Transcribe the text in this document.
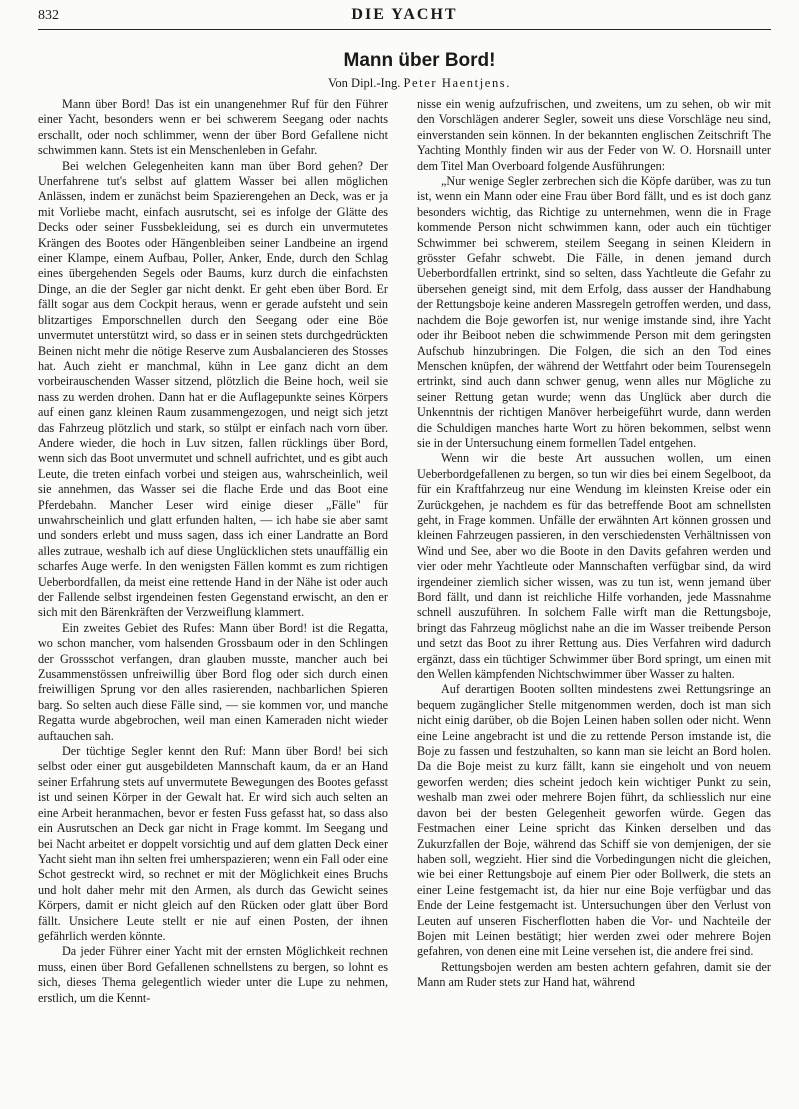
832	DIE YACHT
Mann über Bord!
Von Dipl.-Ing. Peter Haentjens.

Mann über Bord! Das ist ein unangenehmer Ruf für den Führer einer Yacht, besonders wenn er bei schwerem Seegang oder nachts erschallt, oder noch schlimmer, wenn der über Bord Gefallene nicht schwimmen kann. Stets ist ein Menschenleben in Gefahr.

Bei welchen Gelegenheiten kann man über Bord gehen? Der Unerfahrene tut's selbst auf glattem Wasser bei allen möglichen Anlässen, indem er zunächst beim Spazierengehen an Deck, was er ja mit Vorliebe macht, einfach ausrutscht, sei es infolge der Glätte des Decks oder seiner Fussbekleidung, sei es durch ein unvermutetes Krängen des Bootes oder Hängenbleiben seiner Landbeine an irgend einer Klampe, einem Aufbau, Poller, Anker, Ende, durch den Schlag eines übergehenden Segels oder Baums, kurz durch die einfachsten Dinge, an die der Segler gar nicht denkt. Er geht eben über Bord. Er fällt sogar aus dem Cockpit heraus, wenn er gerade aufsteht und sein blitzartiges Emporschnellen durch den Seegang oder eine Böe unvermutet unterstützt wird, so dass er in seinen stets durchgedrückten Beinen nicht mehr die nötige Reserve zum Ausbalancieren des Stosses hat. Auch zieht er manchmal, kühn in Lee ganz dicht an dem vorbeirauschenden Wasser sitzend, plötzlich die Beine hoch, weil sie nass zu werden drohen. Dann hat er die Auflagepunkte seines Körpers auf einen ganz kleinen Raum zusammengezogen, und neigt sich jetzt das Fahrzeug plötzlich und stark, so stülpt er einfach nach vorn über. Andere wieder, die hoch in Luv sitzen, fallen rücklings über Bord, wenn sich das Boot unvermutet und schnell aufrichtet, und es gibt auch Leute, die treten einfach vorbei und steigen aus, wahrscheinlich, weil sie annehmen, das Wasser sei die flache Erde und das Boot eine Pferdebahn. Mancher Leser wird einige dieser „Fälle" für unwahrscheinlich und glatt erfunden halten, — ich habe sie aber samt und sonders erlebt und muss sagen, dass ich einer Landratte an Bord alles zutraue, weshalb ich auf diese Unglücklichen stets unauffällig ein scharfes Auge werfe. In den wenigsten Fällen kommt es zum richtigen Ueberbordfallen, da meist eine rettende Hand in der Nähe ist oder auch der Fallende selbst irgendeinen festen Gegenstand erwischt, an den er sich mit den Bärenkräften der Verzweiflung klammert.

Ein zweites Gebiet des Rufes: Mann über Bord! ist die Regatta, wo schon mancher, vom halsenden Grossbaum oder in den Schlingen der Grossschot verfangen, dran glauben musste, mancher auch bei Zusammenstössen unfreiwillig über Bord flog oder sich durch einen freiwilligen Sprung vor den alles rasierenden, nachbarlichen Spieren barg. So selten auch diese Fälle sind, — sie kommen vor, und manche Regatta wurde abgebrochen, weil man einen Kameraden nicht wieder auftauchen sah.

Der tüchtige Segler kennt den Ruf: Mann über Bord! bei sich selbst oder einer gut ausgebildeten Mannschaft kaum, da er an Hand seiner Erfahrung stets auf unvermutete Bewegungen des Bootes gefasst ist und seinen Körper in der Gewalt hat. Er wird sich auch selten an eine Arbeit heranmachen, bevor er festen Fuss gefasst hat, so dass also ein Ausrutschen an Deck gar nicht in Frage kommt. Im Seegang und bei Nacht arbeitet er doppelt vorsichtig und auf dem glatten Deck einer Yacht sieht man ihn selten frei umherspazieren; wenn ein Fall oder eine Schot gestreckt wird, so rechnet er mit der Möglichkeit eines Bruchs und holt daher mehr mit den Armen, als durch das Gewicht seines Körpers, damit er nicht gleich auf den Rücken oder glatt über Bord fällt. Unsichere Leute stellt er nie auf einen Posten, der ihnen gefährlich werden könnte.

Da jeder Führer einer Yacht mit der ernsten Möglichkeit rechnen muss, einen über Bord Gefallenen schnellstens zu bergen, so lohnt es sich, dieses Thema gelegentlich wieder unter die Lupe zu nehmen, erstlich, um die Kennt-

nisse ein wenig aufzufrischen, und zweitens, um zu sehen, ob wir mit den Vorschlägen anderer Segler, soweit uns diese Vorschläge neu sind, einverstanden sein können. In der bekannten englischen Zeitschrift The Yachting Monthly finden wir aus der Feder von W. O. Horsnaill unter dem Titel Man Overboard folgende Ausführungen:

„Nur wenige Segler zerbrechen sich die Köpfe darüber, was zu tun ist, wenn ein Mann oder eine Frau über Bord fällt, und es ist doch ganz besonders wichtig, das Richtige zu unternehmen, wenn die in Frage kommende Person nicht schwimmen kann, oder auch ein tüchtiger Schwimmer bei schwerem, steilem Seegang in seinen Kleidern in grösster Gefahr schwebt. Die Fälle, in denen jemand durch Ueberbordfallen ertrinkt, sind so selten, dass Yachtleute die Gefahr zu übersehen geneigt sind, mit dem Erfolg, dass ausser der Handhabung der Rettungsboje keine anderen Massregeln getroffen werden, und dass, nachdem die Boje geworfen ist, nur wenige imstande sind, ihre Yacht oder ihr Beiboot neben die schwimmende Person mit dem geringsten Aufschub hinzubringen. Die Folgen, die sich an den Tod eines Menschen knüpfen, der während der Wettfahrt oder beim Tourensegeln ertrinkt, sind auch dann schwer genug, wenn alles nur Mögliche zu seiner Rettung getan wurde; wenn das Unglück aber durch die Unkenntnis der richtigen Manöver herbeigeführt wurde, dann werden die Schuldigen manches harte Wort zu hören bekommen, selbst wenn sie in der Untersuchung einem formellen Tadel entgehen.

Wenn wir die beste Art aussuchen wollen, um einen Ueberbordgefallenen zu bergen, so tun wir dies bei einem Segelboot, da für ein Kraftfahrzeug nur eine Wendung im kleinsten Kreise oder ein Zurückgehen, je nachdem es für das betreffende Boot am schnellsten geht, in Frage kommen. Unfälle der erwähnten Art können grossen und kleinen Fahrzeugen passieren, in den verschiedensten Verhältnissen von Wind und See, aber wo die Boote in den Davits gefahren werden und vier oder mehr Yachtleute oder Mannschaften verfügbar sind, da wird irgendeiner ziemlich sicher wissen, was zu tun ist, wenn jemand über Bord fällt, und dann ist reichliche Hilfe vorhanden, jede Massnahme schnell auszuführen. In solchem Falle wirft man die Rettungsboje, bringt das Fahrzeug möglichst nahe an die im Wasser treibende Person und setzt das Boot zu ihrer Rettung aus. Dies Verfahren wird dadurch ergänzt, dass ein tüchtiger Schwimmer über Bord springt, um einen mit den Wellen kämpfenden Nichtschwimmer über Wasser zu halten.

Auf derartigen Booten sollten mindestens zwei Rettungsringe an bequem zugänglicher Stelle mitgenommen werden, doch ist man sich nicht einig darüber, ob die Bojen Leinen haben sollen oder nicht. Wenn eine Leine angebracht ist und die zu rettende Person imstande ist, die Boje zu fassen und festzuhalten, so kann man sie leicht an Bord holen. Da die Boje meist zu kurz fällt, kann sie eingeholt und von neuem geworfen werden; dies scheint jedoch kein wichtiger Punkt zu sein, weshalb man zwei oder mehrere Bojen führt, da schliesslich nur eine davon bei der besten Gelegenheit geworfen würde. Gegen das Festmachen einer Leine spricht das Kinken derselben und das Zukurzfallen der Boje, während das Schiff sie von demjenigen, der sie haben soll, wegzieht. Hier sind die Vorbedingungen nicht die gleichen, wie bei einer Rettungsboje auf einem Pier oder Bollwerk, die stets an einer Leine festgemacht ist, da hier nur eine Boje verfügbar und das Ende der Leine festgemacht ist. Untersuchungen über den Verlust von Leuten auf unseren Fischerflotten haben die Vor- und Nachteile der Bojen mit Leinen bestätigt; hier werden zwei oder mehrere Bojen gefahren, von denen eine mit Leine versehen ist, die andere frei sind.

Rettungsbojen werden am besten achtern gefahren, damit sie der Mann am Ruder stets zur Hand hat, während
